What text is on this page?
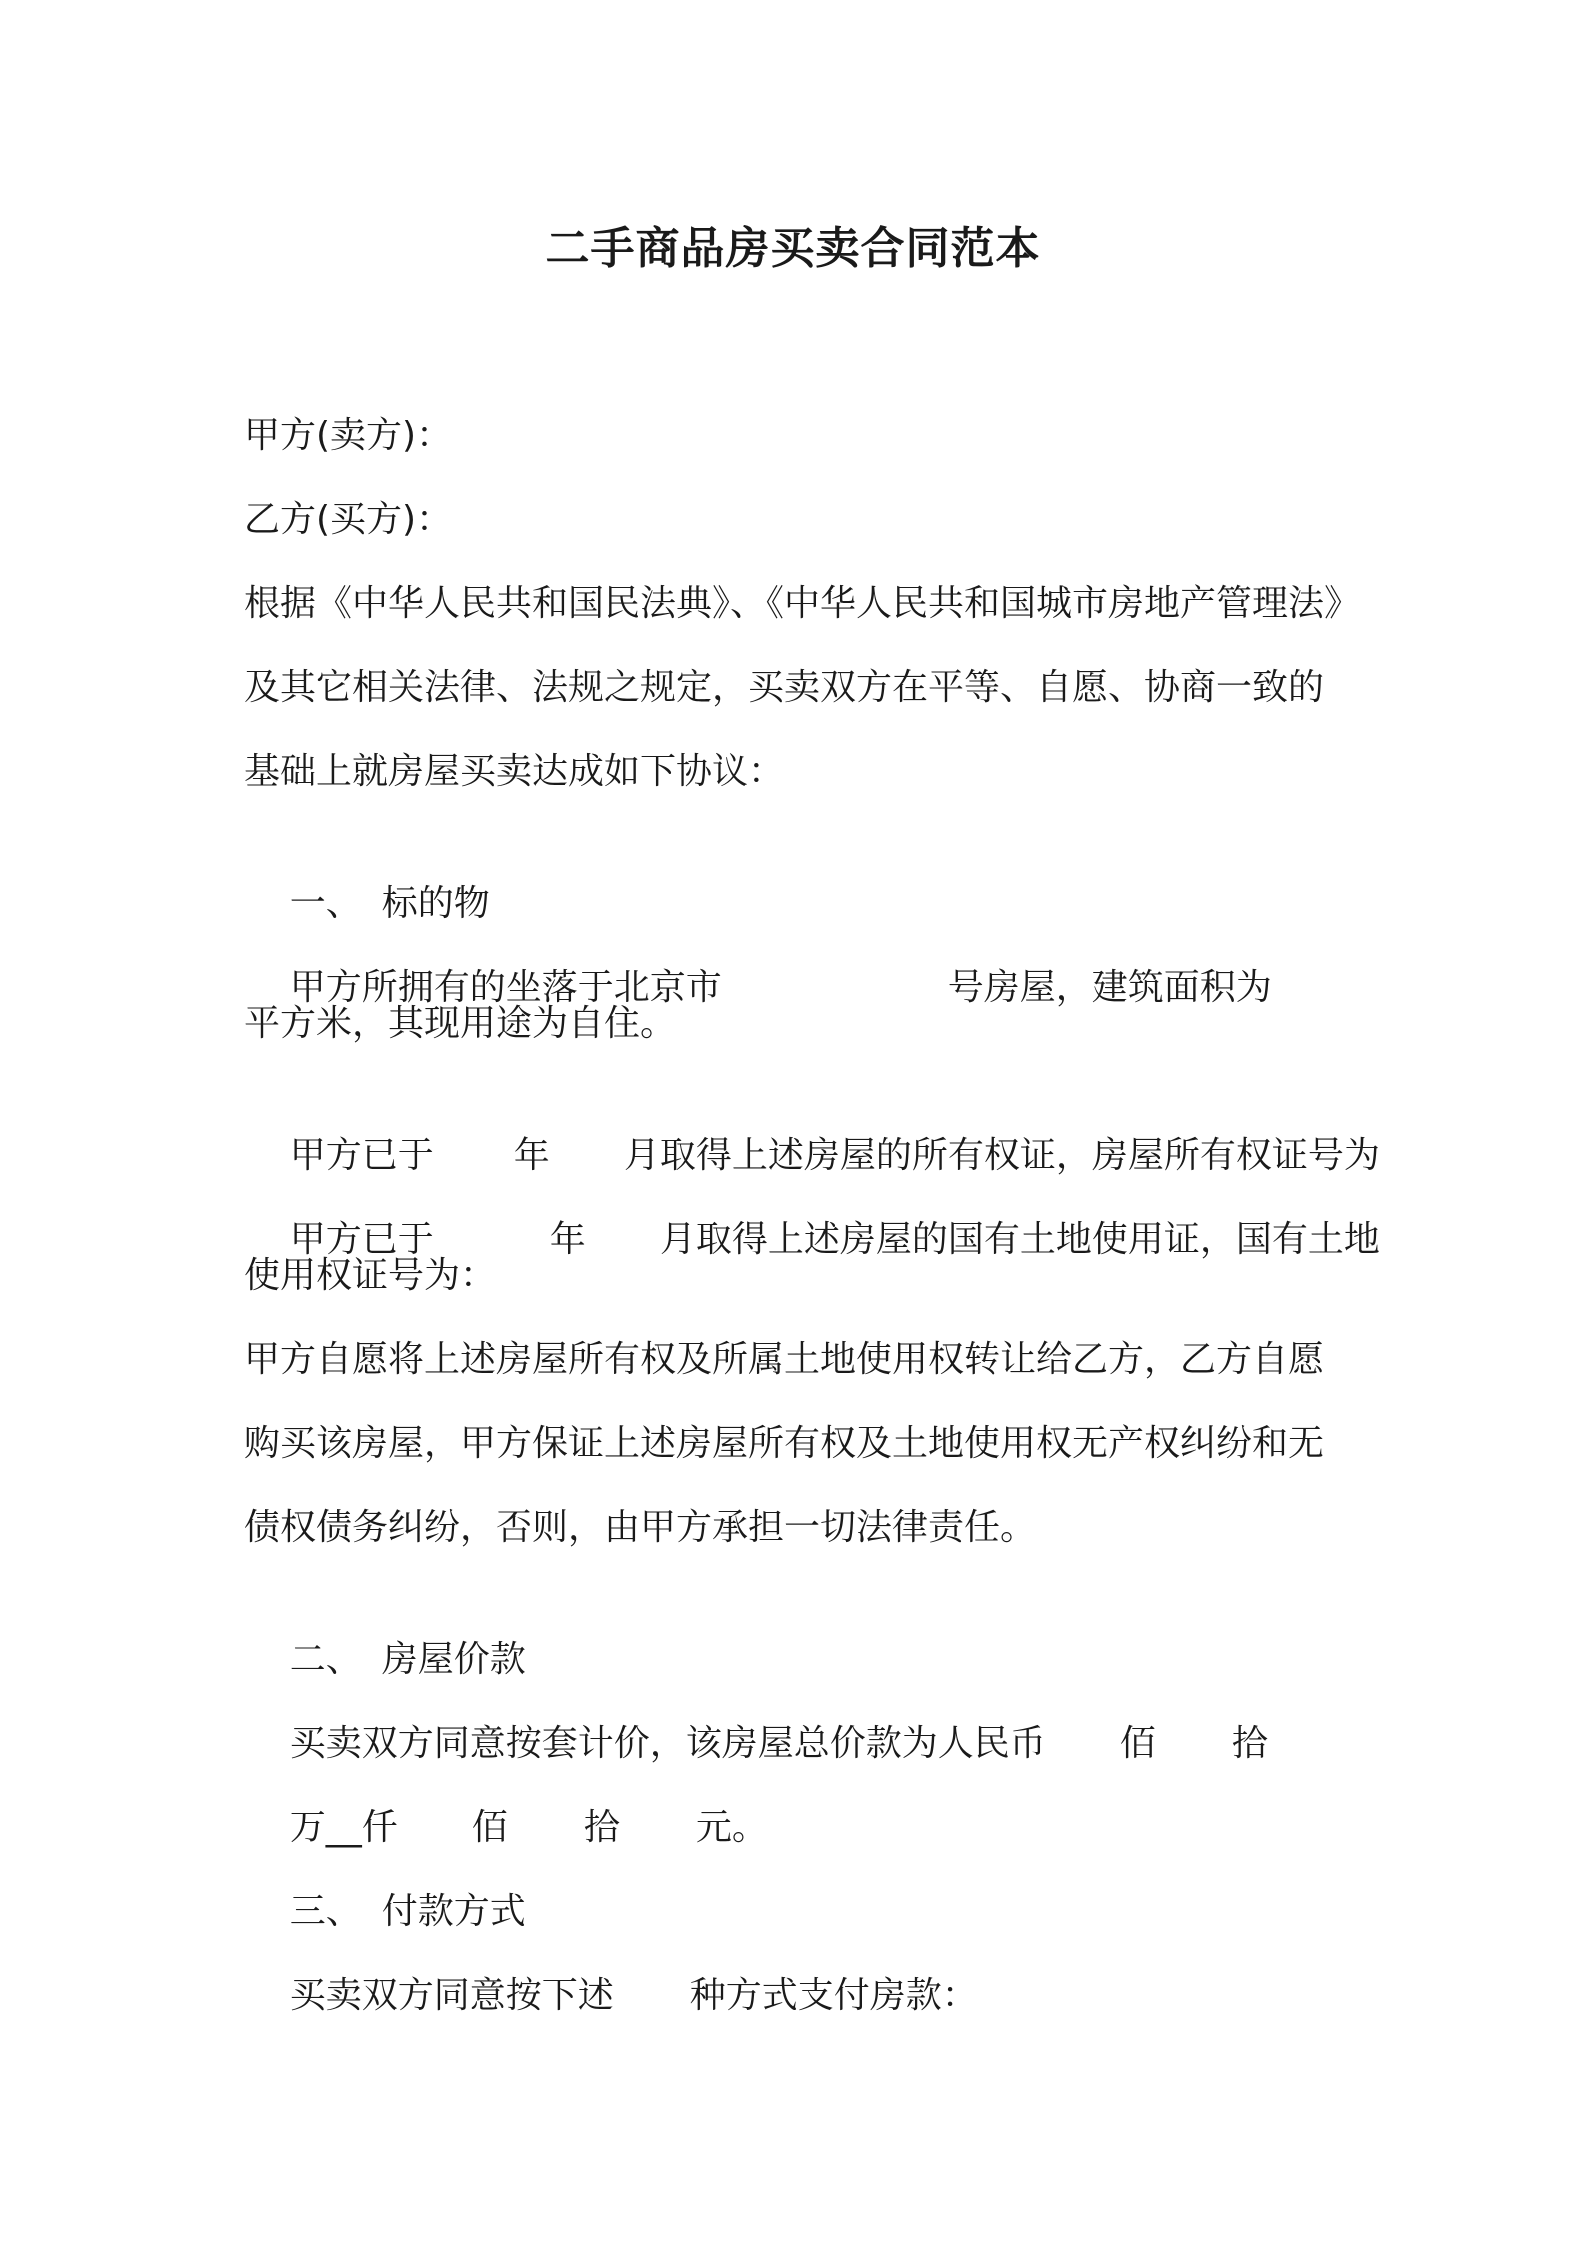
二手商品房买卖合同范本
甲方(卖方)：
乙方(买方)：
根据《中华人民共和国民法典》、《中华人民共和国城市房地产管理法》
及其它相关法律、法规之规定，买卖双方在平等、自愿、协商一致的
基础上就房屋买卖达成如下协议：

一、 标的物

甲方所拥有的坐落于北京市	号房屋，建筑面积为

平方米，其现用途为自住。

甲方已于 年 月取得上述房屋的所有权证，房屋所有权证号为

甲方已于	年 月取得上述房屋的国有土地使用证，国有土地

使用权证号为：
甲方自愿将上述房屋所有权及所属土地使用权转让给乙方，乙方自愿
购买该房屋，甲方保证上述房屋所有权及土地使用权无产权纠纷和无
债权债务纠纷，否则，由甲方承担一切法律责任。

二、 房屋价款

买卖双方同意按套计价，该房屋总价款为人民币 佰 拾

万__仟 佰 拾 元。

三、 付款方式

买卖双方同意按下述 种方式支付房款：
